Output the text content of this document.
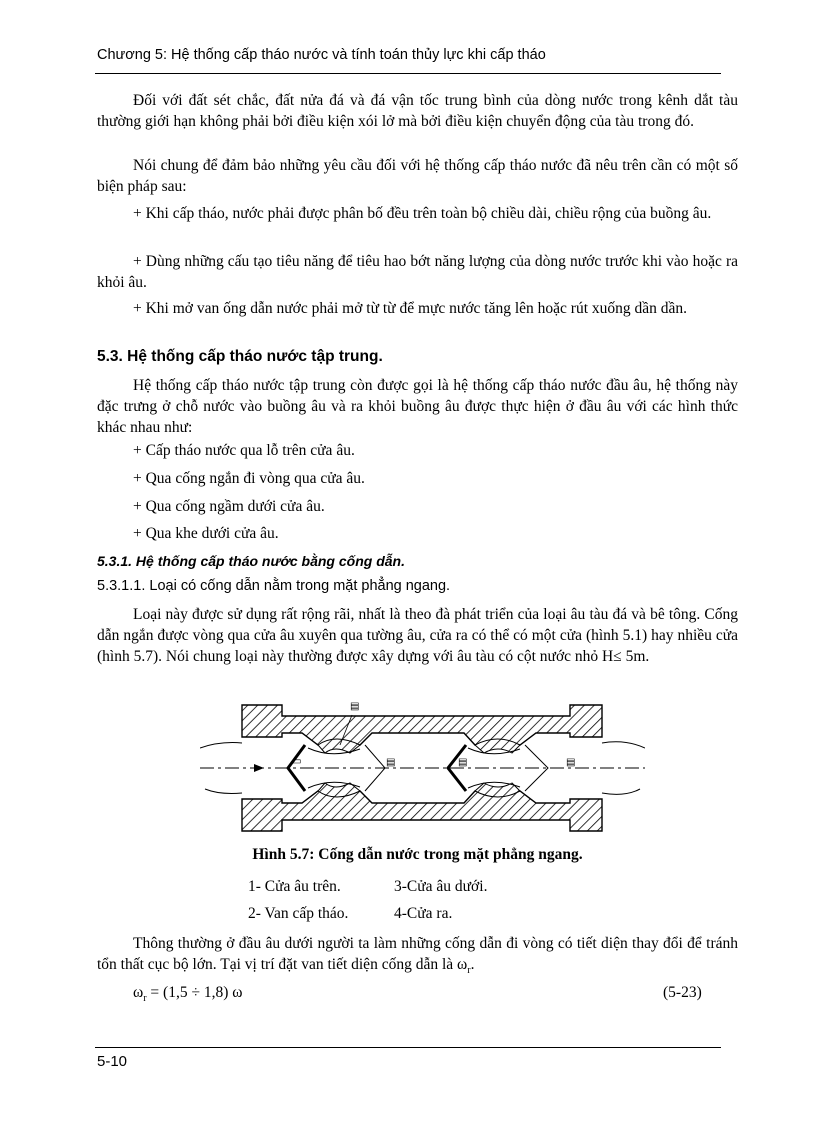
Chương 5: Hệ thống cấp tháo nước và tính toán thủy lực khi cấp tháo
Đối với đất sét chắc, đất nửa đá và đá vận tốc trung bình của dòng nước trong kênh dắt tàu thường giới hạn không phải bởi điều kiện xói lở mà bởi điều kiện chuyển động của tàu trong đó.
Nói chung để đảm bảo những yêu cầu đối với hệ thống cấp tháo nước đã nêu trên cần có một số biện pháp sau:
+ Khi cấp tháo, nước phải được phân bố đều trên toàn bộ chiều dài, chiều rộng của buồng âu.
+ Dùng những cấu tạo tiêu năng để tiêu hao bớt năng lượng của dòng nước trước khi vào hoặc ra khỏi âu.
+ Khi mở van ống dẫn nước phải mở từ từ để mực nước tăng lên hoặc rút xuống dần dần.
5.3. Hệ thống cấp tháo nước tập trung.
Hệ thống cấp tháo nước tập trung còn được gọi là hệ thống cấp tháo nước đầu âu, hệ thống này đặc trưng ở chỗ nước vào buồng âu và ra khỏi buồng âu được thực hiện ở đầu âu với các hình thức khác nhau như:
+ Cấp tháo nước qua lỗ trên cửa âu.
+ Qua cống ngắn đi vòng qua cửa âu.
+ Qua cống ngầm dưới cửa âu.
+ Qua khe dưới cửa âu.
5.3.1. Hệ thống cấp tháo nước bằng cống dẫn.
5.3.1.1. Loại có cống dẫn nằm trong mặt phẳng ngang.
Loại này được sử dụng rất rộng rãi, nhất là theo đà phát triển của loại âu tàu đá và bê tông. Cống dẫn ngắn được vòng qua cửa âu xuyên qua tường âu, cửa ra có thể có một cửa (hình 5.1) hay nhiều cửa (hình 5.7). Nói chung loại này thường được xây dựng với âu tàu có cột nước nhỏ H≤ 5m.
▤
▭	▤	▤	▤
Hình 5.7: Cống dẫn nước trong mặt phẳng ngang.
1- Cửa âu trên.	3-Cửa âu dưới.
2- Van cấp tháo.	4-Cửa ra.
Thông thường ở đầu âu dưới người ta làm những cống dẫn đi vòng có tiết diện thay đổi để tránh tổn thất cục bộ lớn. Tại vị trí đặt van tiết diện cống dẫn là $\omega_r$.
$\omega_r = (1,5 \div 1,8)$ ω	(5-23)
5-10
